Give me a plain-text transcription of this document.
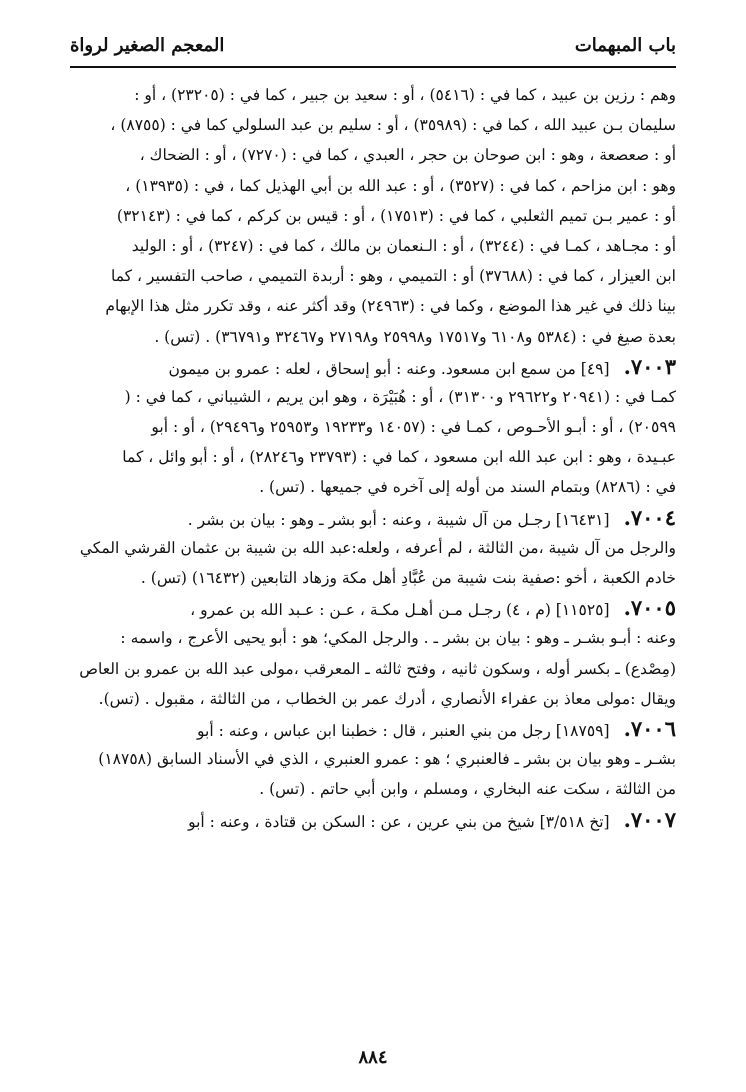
المعجم الصغير لرواة	باب المبهمات
وهم : رزين بن عبيد ، كما في : (٥٤١٦) ، أو : سعيد بن جبير ، كما في : (٢٣٢٠٥) ، أو :
سليمان بـن عبيد الله ، كما في : (٣٥٩٨٩) ، أو : سليم بن عبد السلولي كما في : (٨٧٥٥) ،
أو : صعصعة ، وهو : ابن صوحان بن حجر ، العبدي ، كما في : (٧٢٧٠) ، أو : الضحاك ،
وهو : ابن مزاحم ، كما في : (٣٥٢٧) ، أو : عبد الله بن أبي الهذيل كما ، في : (١٣٩٣٥) ،
أو : عمير بـن تميم الثعلبي ، كما في : (١٧٥١٣) ، أو : قيس بن كركم ، كما في : (٣٢١٤٣)
أو : مجـاهد ، كمـا في : (٣٢٤٤) ، أو : الـنعمان بن مالك ، كما في : (٣٢٤٧) ، أو : الوليد
ابن العيزار ، كما في : (٣٧٦٨٨) أو : التميمي ، وهو : أربدة التميمي ، صاحب التفسير ، كما
بينا ذلك في غير هذا الموضع ، وكما في : (٢٤٩٦٣) وقد أكثر عنه ، وقد تكرر مثل هذا الإبهام
بعدة صيغ في : (٥٣٨٤ و٦١٠٨ و١٧٥١٧ و٢٥٩٩٨ و٢٧١٩٨ و٣٢٤٦٧ و٣٦٧٩١) . (تس) .
٧٠٠٣.[٤٩] من سمع ابن مسعود. وعنه : أبو إسحاق ، لعله : عمرو بن ميمون
كمـا في : (٢٠٩٤١ و٢٩٦٢٢ و٣١٣٠٠) ، أو : هُبَيْرَة ، وهو ابن يريم ، الشيباني ، كما في : (
٢٠٥٩٩) ، أو : أبـو الأحـوص ، كمـا في : (١٤٠٥٧ و١٩٢٣٣ و٢٥٩٥٣ و٢٩٤٩٦) ، أو : أبو
عبـيدة ، وهو : ابن عبد الله ابن مسعود ، كما في : (٢٣٧٩٣ و٢٨٢٤٦) ، أو : أبو وائل ، كما
في : (٨٢٨٦) وبتمام السند من أوله إلى آخره في جميعها . (تس) .
٧٠٠٤.[١٦٤٣١] رجـل من آل شيبة ، وعنه : أبو بشر ـ وهو : بيان بن بشر .
والرجل من آل شيبة ،من الثالثة ، لم أعرفه ، ولعله:عبد الله بن شيبة بن عثمان القرشي المكي
خادم الكعبة ، أخو :صفية بنت شيبة من عُبَّادِ أهل مكة وزهاد التابعين (١٦٤٣٢) (تس) .
٧٠٠٥.[١١٥٢٥] (م ، ٤) رجـل مـن أهـل مكـة ، عـن : عـبد الله بن عمرو ،
وعنه : أبـو بشـر ـ وهو : بيان بن بشر ـ . والرجل المكي؛ هو : أبو يحيى الأعرج ، واسمه :
(مِصْدع) ـ بكسر أوله ، وسكون ثانيه ، وفتح ثالثه ـ المعرقب ،مولى عبد الله بن عمرو بن العاص
ويقال :مولى معاذ بن عفراء الأنصاري ، أدرك عمر بن الخطاب ، من الثالثة ، مقبول . (تس).
٧٠٠٦.[١٨٧٥٩] رجل من بني العنبر ، قال : خطبنا ابن عباس ، وعنه : أبو
بشـر ـ وهو بيان بن بشر ـ فالعنبري ؛ هو : عمرو العنبري ، الذي في الأسناد السابق (١٨٧٥٨)
من الثالثة ، سكت عنه البخاري ، ومسلم ، وابن أبي حاتم . (تس) .
٧٠٠٧.[تخ ٣/٥١٨] شيخ من بني عرين ، عن : السكن بن قتادة ، وعنه : أبو
٨٨٤
